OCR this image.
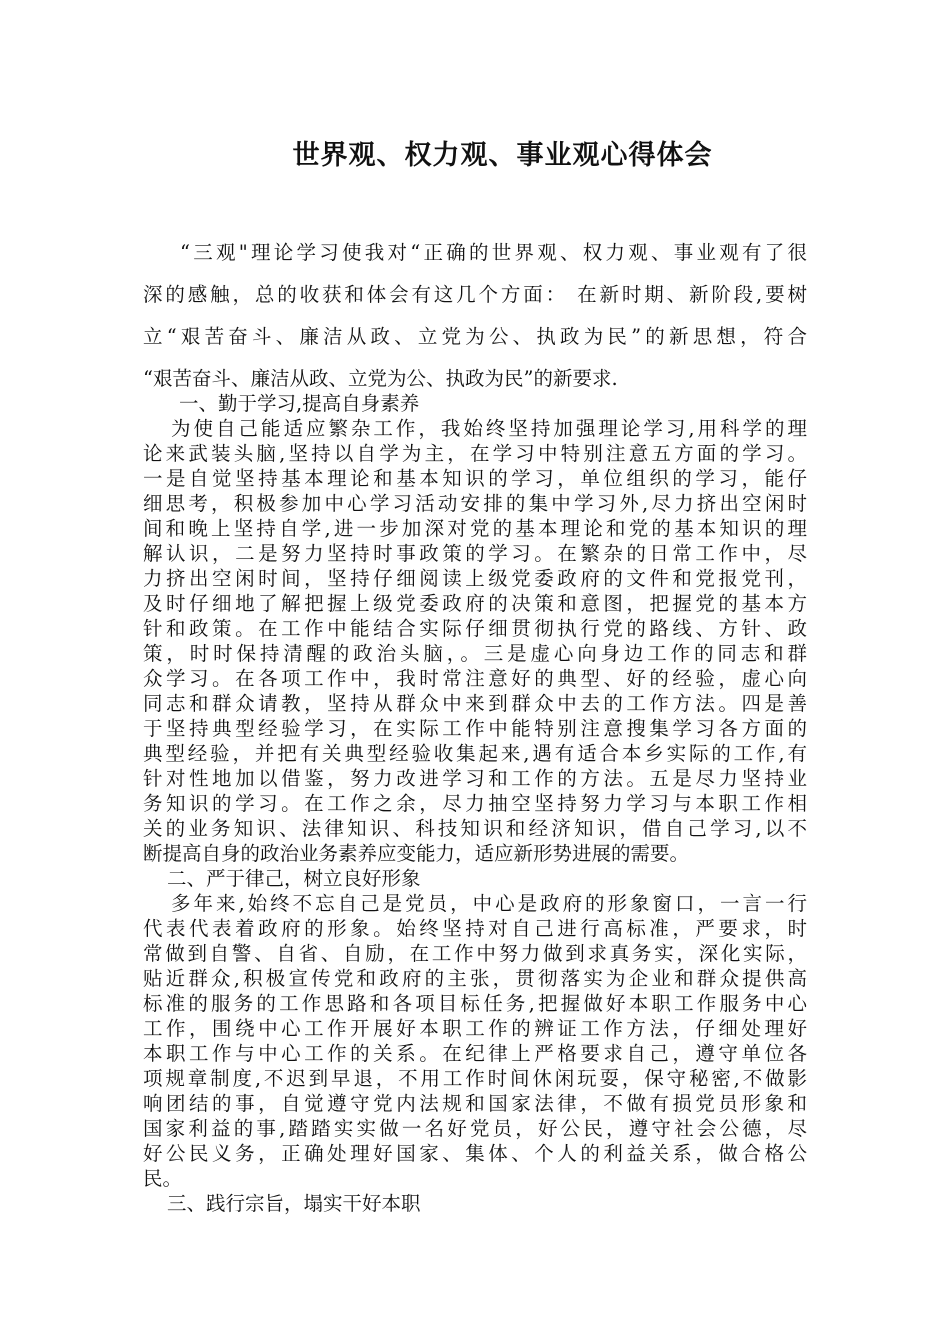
世界观、权力观、事业观心得体会
“三观"理论学习使我对“正确的世界观、权力观、事业观有了很
深的感触，总的收获和体会有这几个方面： 在新时期、新阶段,要树
立“艰苦奋斗、廉洁从政、立党为公、执政为民”的新思想，符合
“艰苦奋斗、廉洁从政、立党为公、执政为民”的新要求.
一、勤于学习,提高自身素养
为使自己能适应繁杂工作，我始终坚持加强理论学习,用科学的理
论来武装头脑,坚持以自学为主，在学习中特别注意五方面的学习。
一是自觉坚持基本理论和基本知识的学习，单位组织的学习，能仔
细思考，积极参加中心学习活动安排的集中学习外,尽力挤出空闲时
间和晚上坚持自学,进一步加深对党的基本理论和党的基本知识的理
解认识，二是努力坚持时事政策的学习。在繁杂的日常工作中，尽
力挤出空闲时间，坚持仔细阅读上级党委政府的文件和党报党刊，
及时仔细地了解把握上级党委政府的决策和意图，把握党的基本方
针和政策。在工作中能结合实际仔细贯彻执行党的路线、方针、政
策，时时保持清醒的政治头脑，。三是虚心向身边工作的同志和群
众学习。在各项工作中，我时常注意好的典型、好的经验，虚心向
同志和群众请教，坚持从群众中来到群众中去的工作方法。四是善
于坚持典型经验学习，在实际工作中能特别注意搜集学习各方面的
典型经验，并把有关典型经验收集起来,遇有适合本乡实际的工作,有
针对性地加以借鉴，努力改进学习和工作的方法。五是尽力坚持业
务知识的学习。在工作之余，尽力抽空坚持努力学习与本职工作相
关的业务知识、法律知识、科技知识和经济知识，借自己学习,以不
断提高自身的政治业务素养应变能力，适应新形势进展的需要。
二、严于律己，树立良好形象
多年来,始终不忘自己是党员，中心是政府的形象窗口，一言一行
代表代表着政府的形象。始终坚持对自己进行高标准，严要求，时
常做到自警、自省、自励，在工作中努力做到求真务实，深化实际，
贴近群众,积极宣传党和政府的主张，贯彻落实为企业和群众提供高
标准的服务的工作思路和各项目标任务,把握做好本职工作服务中心
工作，围绕中心工作开展好本职工作的辨证工作方法，仔细处理好
本职工作与中心工作的关系。在纪律上严格要求自己，遵守单位各
项规章制度,不迟到早退，不用工作时间休闲玩耍，保守秘密,不做影
响团结的事，自觉遵守党内法规和国家法律，不做有损党员形象和
国家利益的事,踏踏实实做一名好党员，好公民，遵守社会公德，尽
好公民义务，正确处理好国家、集体、个人的利益关系，做合格公
民。
三、践行宗旨，塌实干好本职
